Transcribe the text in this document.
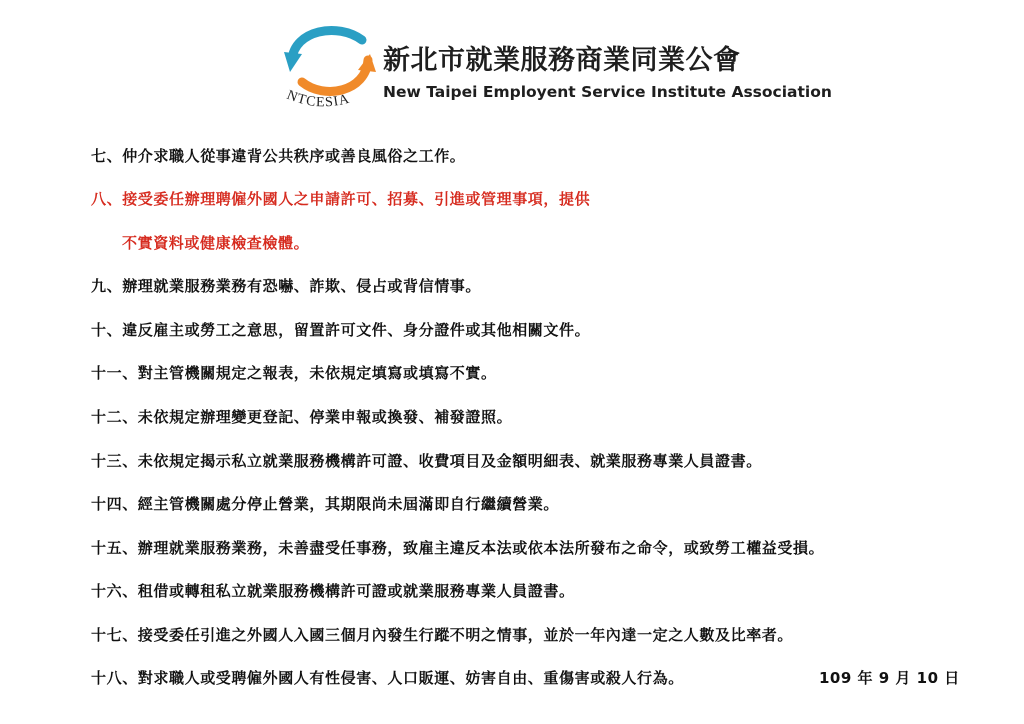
NTCESIA
新北市就業服務商業同業公會
New Taipei Employent Service Institute Association
七、仲介求職人從事違背公共秩序或善良風俗之工作。
八、接受委任辦理聘僱外國人之申請許可、招募、引進或管理事項，提供
不實資料或健康檢查檢體。
九、辦理就業服務業務有恐嚇、詐欺、侵占或背信情事。
十、違反雇主或勞工之意思，留置許可文件、身分證件或其他相關文件。
十一、對主管機關規定之報表，未依規定填寫或填寫不實。
十二、未依規定辦理變更登記、停業申報或換發、補發證照。
十三、未依規定揭示私立就業服務機構許可證、收費項目及金額明細表、就業服務專業人員證書。
十四、經主管機關處分停止營業，其期限尚未屆滿即自行繼續營業。
十五、辦理就業服務業務，未善盡受任事務，致雇主違反本法或依本法所發布之命令，或致勞工權益受損。
十六、租借或轉租私立就業服務機構許可證或就業服務專業人員證書。
十七、接受委任引進之外國人入國三個月內發生行蹤不明之情事，並於一年內達一定之人數及比率者。
十八、對求職人或受聘僱外國人有性侵害、人口販運、妨害自由、重傷害或殺人行為。	109 年 9 月 10 日
